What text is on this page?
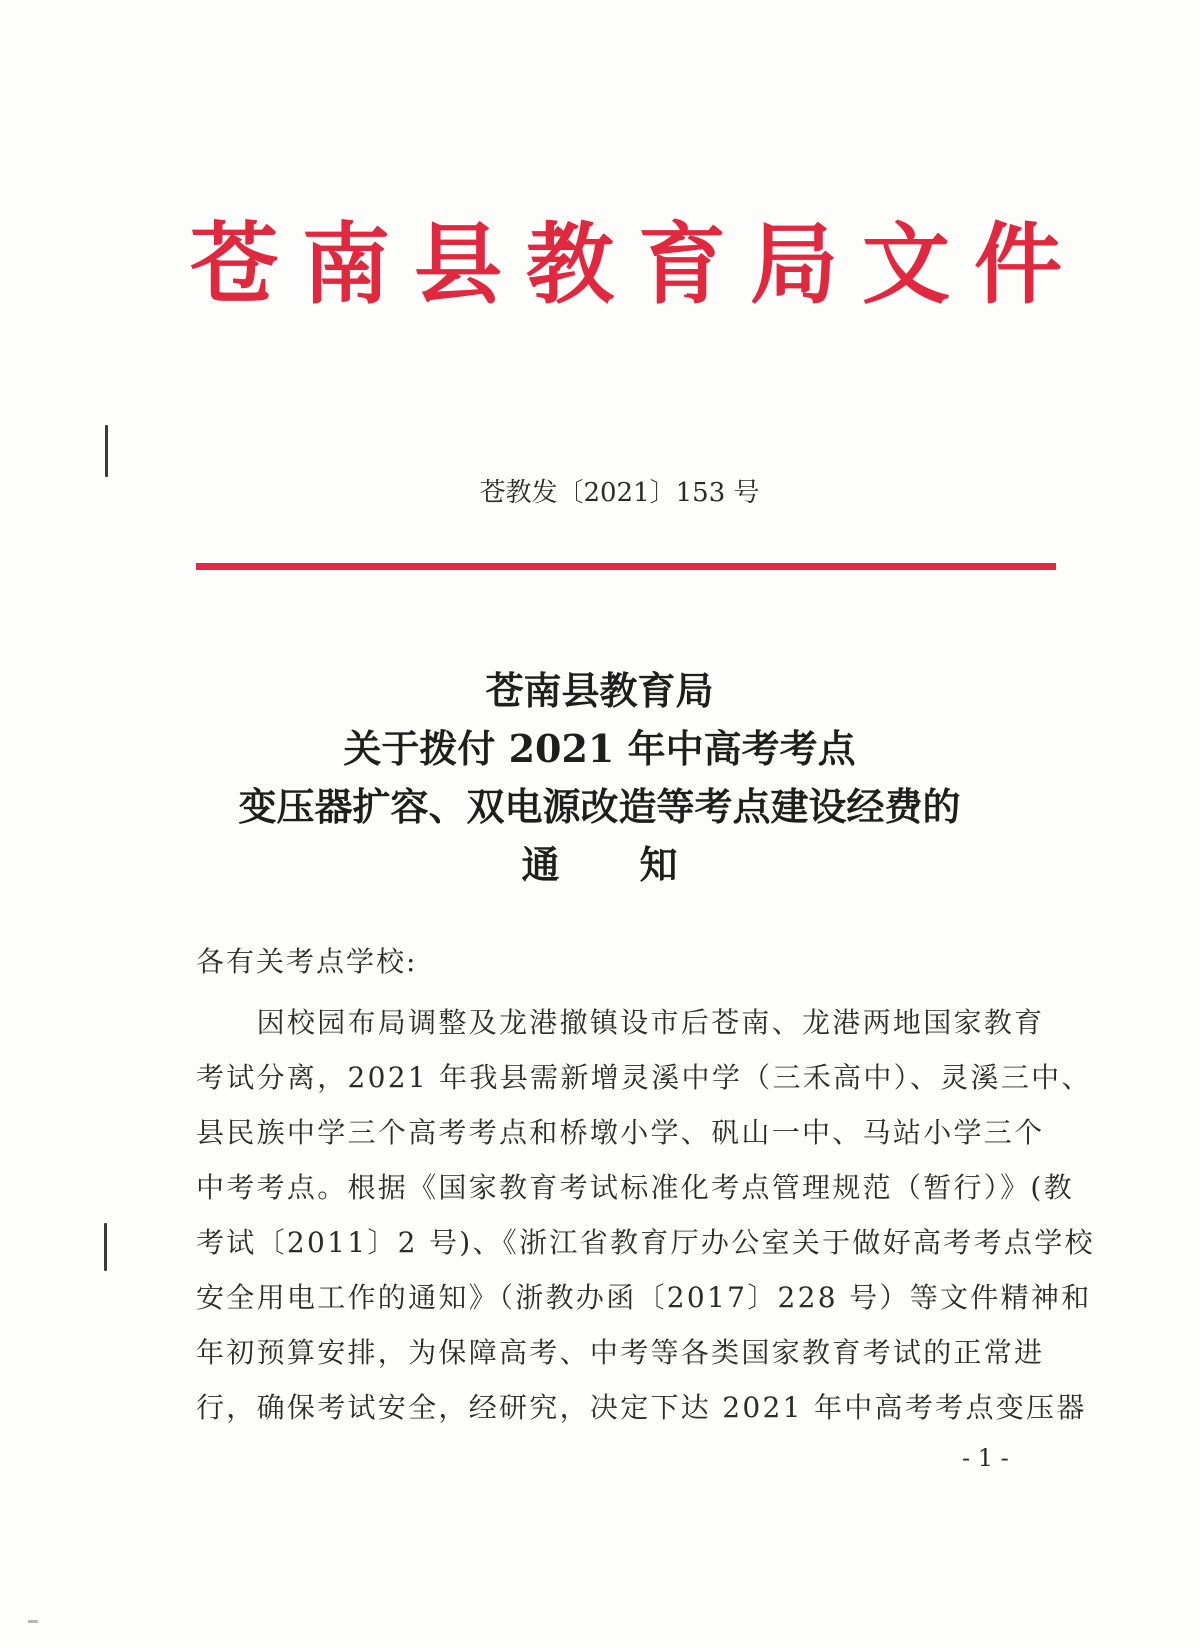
苍南县教育局文件
苍教发〔2021〕153 号
苍南县教育局
关于拨付 2021 年中高考考点
变压器扩容、双电源改造等考点建设经费的
通知
各有关考点学校:
　　因校园布局调整及龙港撤镇设市后苍南、龙港两地国家教育
考试分离，2021 年我县需新增灵溪中学（三禾高中）、灵溪三中、
县民族中学三个高考考点和桥墩小学、矾山一中、马站小学三个
中考考点。根据《国家教育考试标准化考点管理规范（暂行）》(教
考试〔2011〕2 号)、《浙江省教育厅办公室关于做好高考考点学校
安全用电工作的通知》（浙教办函〔2017〕228 号）等文件精神和
年初预算安排，为保障高考、中考等各类国家教育考试的正常进
行，确保考试安全，经研究，决定下达 2021 年中高考考点变压器
- 1 -
